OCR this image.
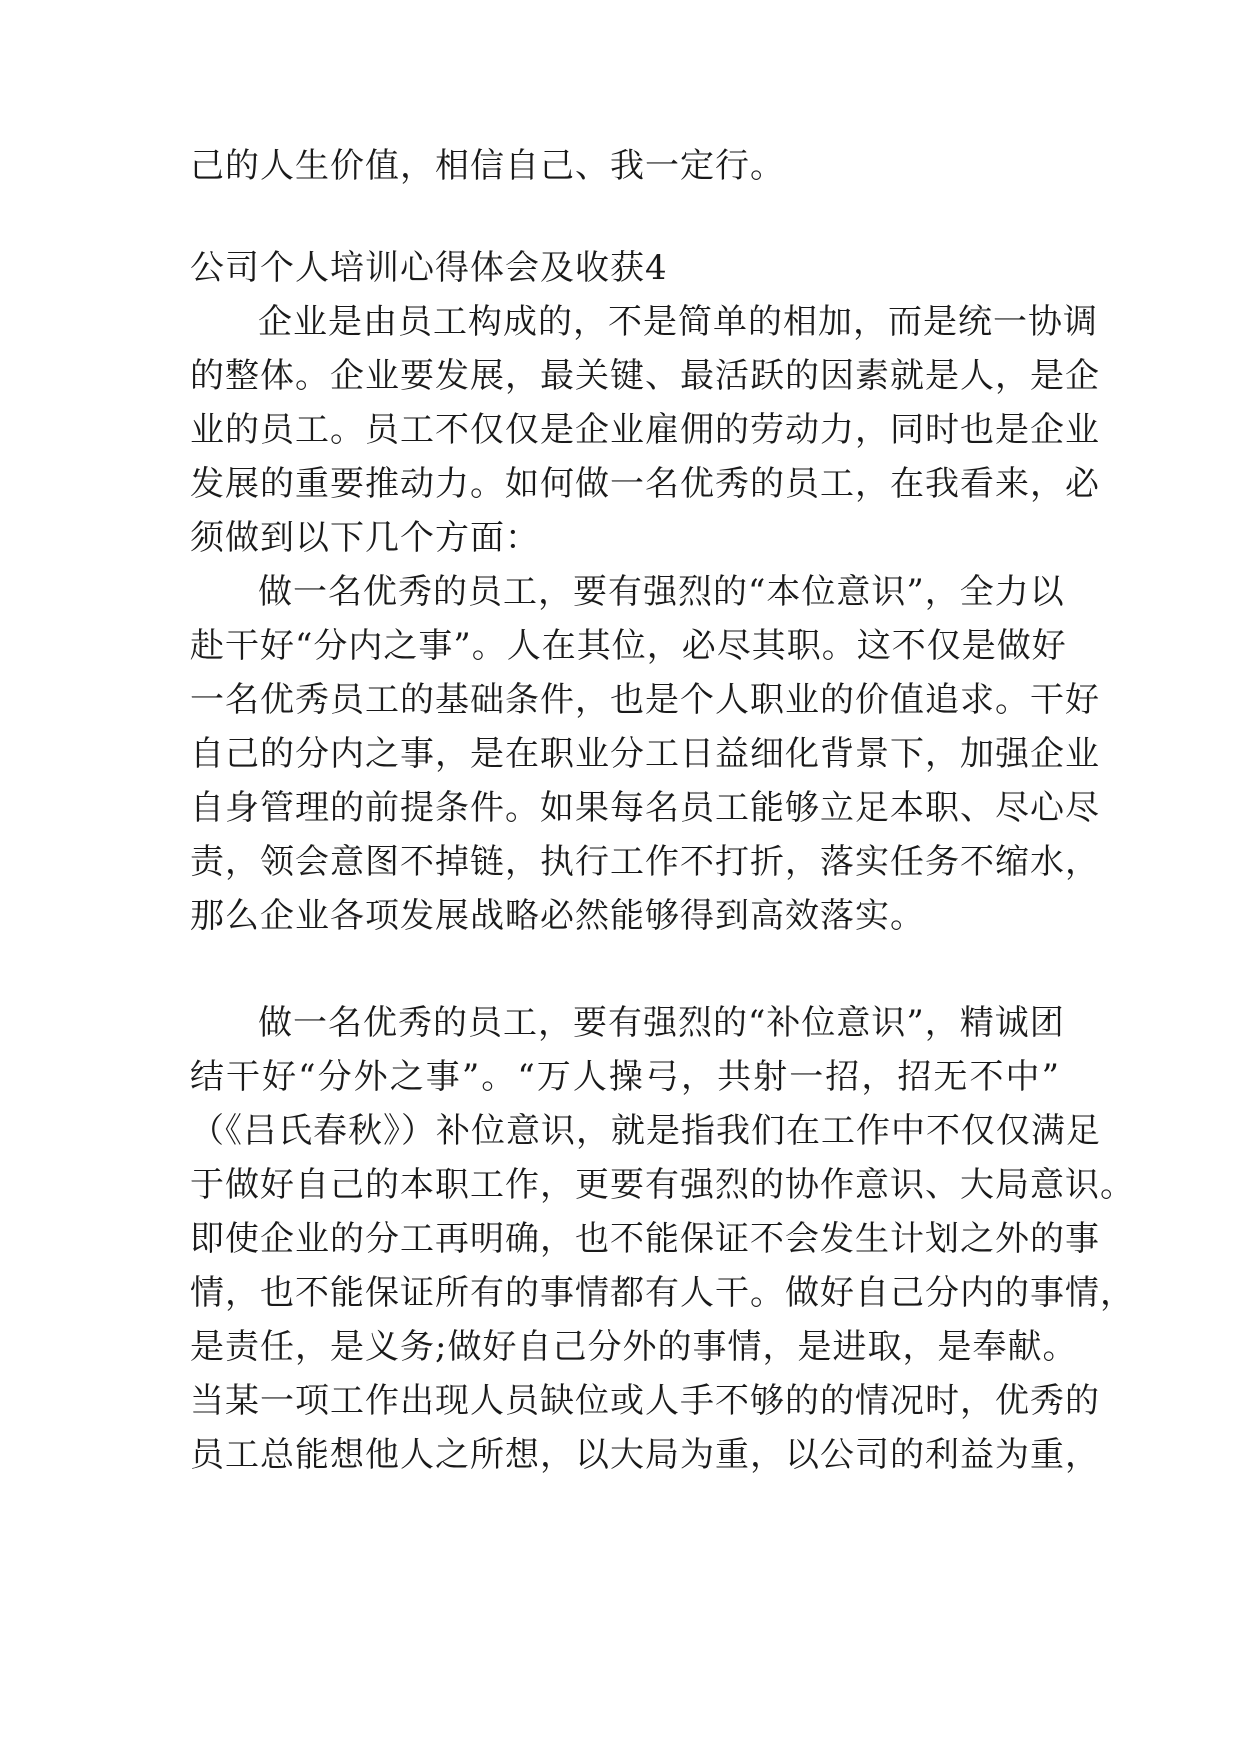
己的人生价值，相信自己、我一定行。
公司个人培训心得体会及收获4
企业是由员工构成的，不是简单的相加，而是统一协调
的整体。企业要发展，最关键、最活跃的因素就是人，是企
业的员工。员工不仅仅是企业雇佣的劳动力，同时也是企业
发展的重要推动力。如何做一名优秀的员工，在我看来，必
须做到以下几个方面：
做一名优秀的员工，要有强烈的“本位意识”，全力以
赴干好“分内之事”。人在其位，必尽其职。这不仅是做好
一名优秀员工的基础条件，也是个人职业的价值追求。干好
自己的分内之事，是在职业分工日益细化背景下，加强企业
自身管理的前提条件。如果每名员工能够立足本职、尽心尽
责，领会意图不掉链，执行工作不打折，落实任务不缩水，
那么企业各项发展战略必然能够得到高效落实。
做一名优秀的员工，要有强烈的“补位意识”，精诚团
结干好“分外之事”。“万人操弓，共射一招，招无不中”
（《吕氏春秋》）补位意识，就是指我们在工作中不仅仅满足
于做好自己的本职工作，更要有强烈的协作意识、大局意识。
即使企业的分工再明确，也不能保证不会发生计划之外的事
情，也不能保证所有的事情都有人干。做好自己分内的事情，
是责任，是义务;做好自己分外的事情，是进取，是奉献。
当某一项工作出现人员缺位或人手不够的的情况时，优秀的
员工总能想他人之所想，以大局为重，以公司的利益为重，
